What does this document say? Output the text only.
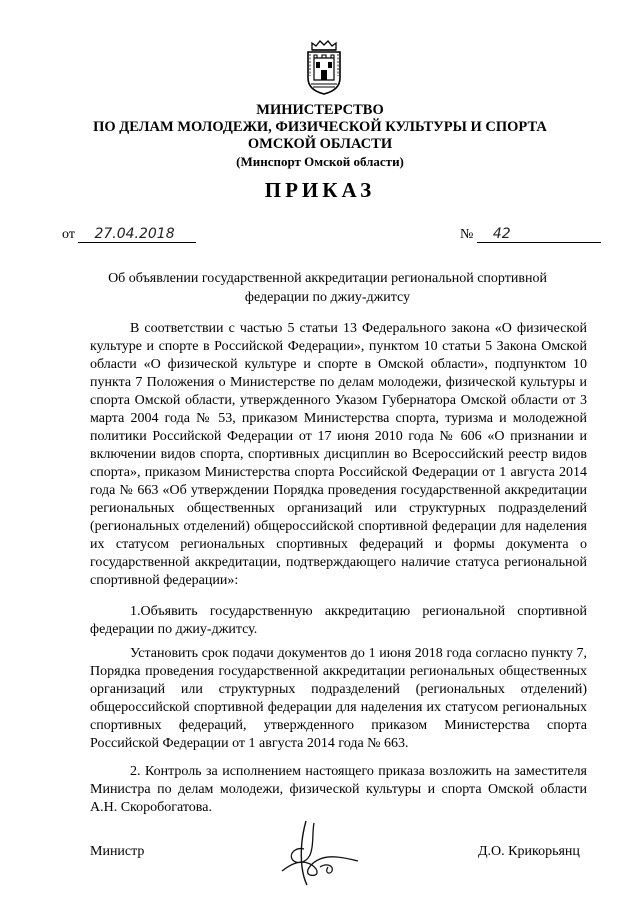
МИНИСТЕРСТВО
ПО ДЕЛАМ МОЛОДЕЖИ, ФИЗИЧЕСКОЙ КУЛЬТУРЫ И СПОРТА
ОМСКОЙ ОБЛАСТИ
(Минспорт Омской области)
ПРИКАЗ
от 27.04.2018	№ 42
Об объявлении государственной аккредитации региональной спортивной федерации по джиу-джитсу

В соответствии с частью 5 статьи 13 Федерального закона «О физической культуре и спорте в Российской Федерации», пунктом 10 статьи 5 Закона Омской области «О физической культуре и спорте в Омской области», подпунктом 10 пункта 7 Положения о Министерстве по делам молодежи, физической культуры и спорта Омской области, утвержденного Указом Губернатора Омской области от 3 марта 2004 года № 53, приказом Министерства спорта, туризма и молодежной политики Российской Федерации от 17 июня 2010 года № 606 «О признании и включении видов спорта, спортивных дисциплин во Всероссийский реестр видов спорта», приказом Министерства спорта Российской Федерации от 1 августа 2014 года № 663 «Об утверждении Порядка проведения государственной аккредитации региональных общественных организаций или структурных подразделений (региональных отделений) общероссийской спортивной федерации для наделения их статусом региональных спортивных федераций и формы документа о государственной аккредитации, подтверждающего наличие статуса региональной спортивной федерации»:

1.Объявить государственную аккредитацию региональной спортивной федерации по джиу-джитсу.

Установить срок подачи документов до 1 июня 2018 года согласно пункту 7, Порядка проведения государственной аккредитации региональных общественных организаций или структурных подразделений (региональных отделений) общероссийской спортивной федерации для наделения их статусом региональных спортивных федераций, утвержденного приказом Министерства спорта Российской Федерации от 1 августа 2014 года № 663.

2. Контроль за исполнением настоящего приказа возложить на заместителя Министра по делам молодежи, физической культуры и спорта Омской области А.Н. Скоробогатова.

Министр	Д.О. Крикорьянц
